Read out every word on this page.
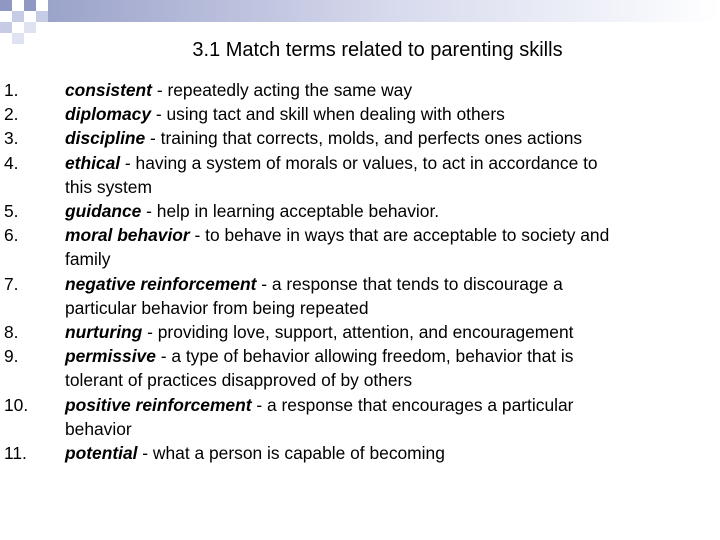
3.1 Match terms related to parenting skills
1.	consistent - repeatedly acting the same way
2.	diplomacy - using tact and skill when dealing with others
3.	discipline - training that corrects, molds, and perfects ones actions
4.	ethical - having a system of morals or values, to act in accordance to this system
5.	guidance - help in learning acceptable behavior.
6.	moral behavior - to behave in ways that are acceptable to society and family
7.	negative reinforcement - a response that tends to discourage a particular behavior from being repeated
8.	nurturing - providing love, support, attention, and encouragement
9.	permissive - a type of behavior allowing freedom, behavior that is tolerant of practices disapproved of by others
10.	positive reinforcement - a response that encourages a particular behavior
11.	potential - what a person is capable of becoming
